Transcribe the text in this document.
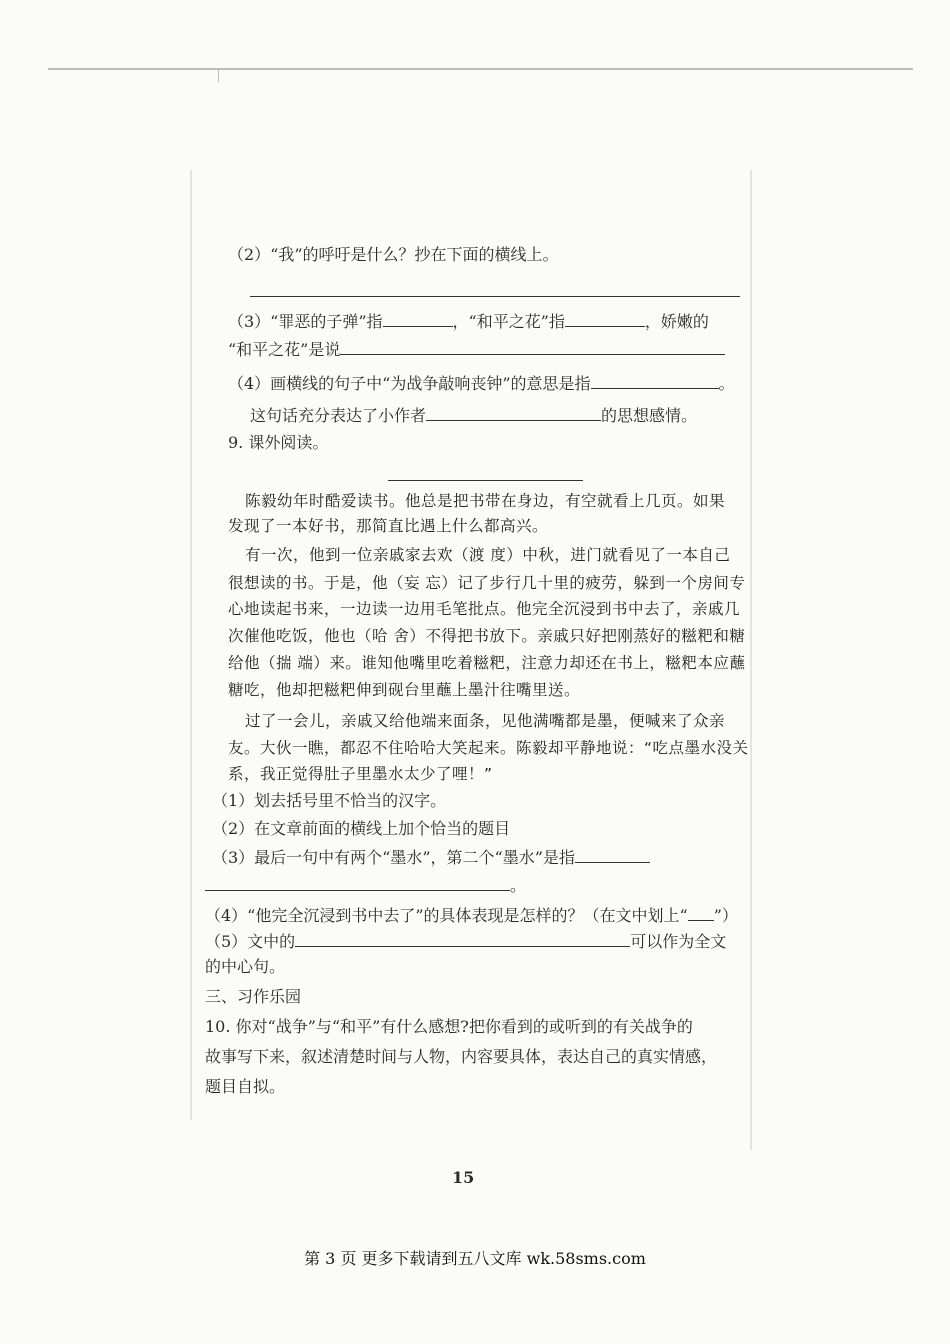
（2）“我”的呼吁是什么？抄在下面的横线上。
（3）“罪恶的子弹”指	，“和平之花”指	，娇嫩的
“和平之花”是说
（4）画横线的句子中“为战争敲响丧钟”的意思是指	。
这句话充分表达了小作者	的思想感情。
9. 课外阅读。
陈毅幼年时酷爱读书。他总是把书带在身边，有空就看上几页。如果
发现了一本好书，那简直比遇上什么都高兴。
有一次，他到一位亲戚家去欢（渡 度）中秋，进门就看见了一本自己
很想读的书。于是，他（妄 忘）记了步行几十里的疲劳，躲到一个房间专
心地读起书来，一边读一边用毛笔批点。他完全沉浸到书中去了，亲戚几
次催他吃饭，他也（哈 舍）不得把书放下。亲戚只好把刚蒸好的糍粑和糖
给他（揣 端）来。谁知他嘴里吃着糍粑，注意力却还在书上，糍粑本应蘸
糖吃，他却把糍粑伸到砚台里蘸上墨汁往嘴里送。
过了一会儿，亲戚又给他端来面条，见他满嘴都是墨，便喊来了众亲
友。大伙一瞧，都忍不住哈哈大笑起来。陈毅却平静地说：“吃点墨水没关
系，我正觉得肚子里墨水太少了哩！”
（1）划去括号里不恰当的汉字。
（2）在文章前面的横线上加个恰当的题目
（3）最后一句中有两个“墨水”，第二个“墨水”是指
。
（4）“他完全沉浸到书中去了”的具体表现是怎样的？（在文中划上“ ”）
（5）文中的	可以作为全文
的中心句。
三、习作乐园
10. 你对“战争”与“和平”有什么感想?把你看到的或听到的有关战争的
故事写下来，叙述清楚时间与人物，内容要具体，表达自己的真实情感，
题目自拟。
15
第 3 页 更多下载请到五八文库 wk.58sms.com
